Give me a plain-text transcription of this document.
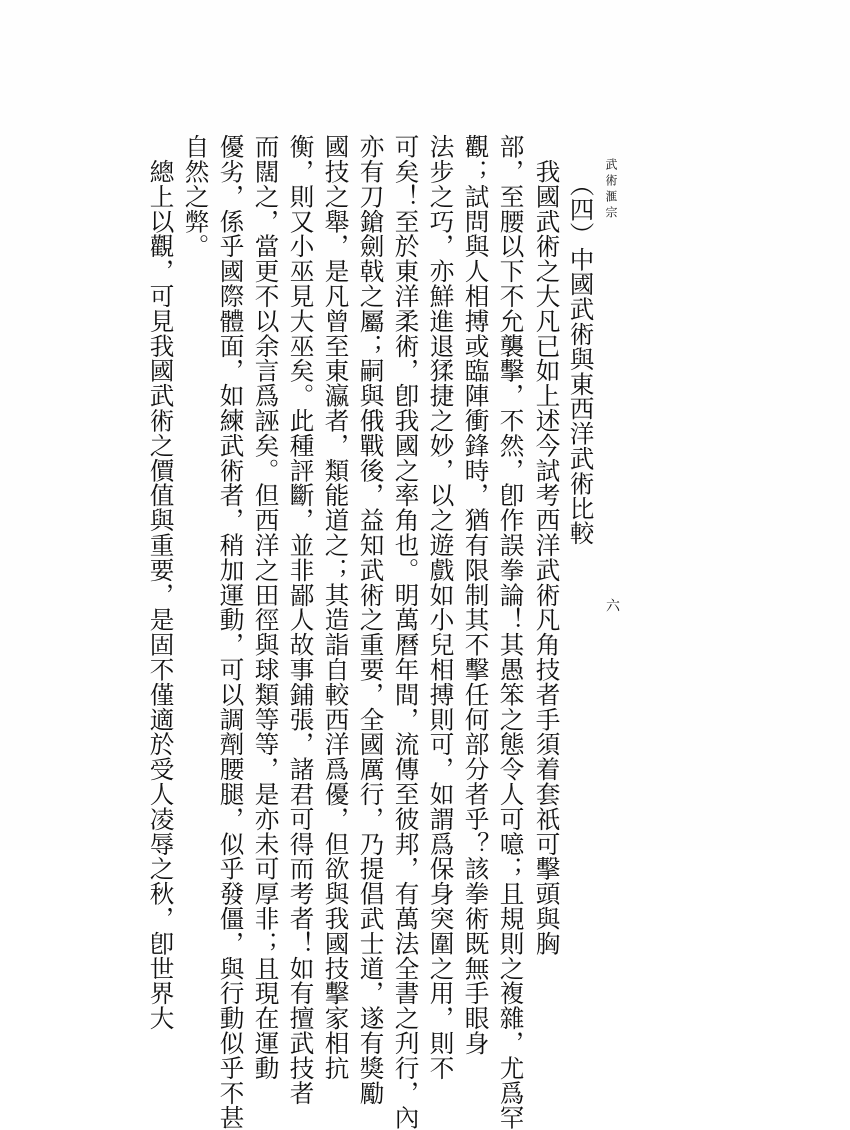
武術滙宗
六
（四）中國武術與東西洋武術比較
　我國武術之大凡已如上述今試考西洋武術凡角技者手須着套祇可擊頭與胸
部，至腰以下不允襲擊，不然，卽作誤拳論！其愚笨之態令人可噫；且規則之複雜，尤爲罕
觀；試問與人相搏或臨陣衝鋒時，猶有限制其不擊任何部分者乎？該拳術既無手眼身
法步之巧，亦鮮進退猱捷之妙，以之遊戲如小兒相搏則可，如謂爲保身突圍之用，則不
可矣！至於東洋柔術，卽我國之率角也。明萬曆年間，流傳至彼邦，有萬法全書之刋行，內
亦有刀鎗劍戟之屬；嗣與俄戰後，益知武術之重要，全國厲行，乃提倡武士道，遂有獎勵
國技之舉，是凡曾至東瀛者，類能道之；其造詣自較西洋爲優，但欲與我國技擊家相抗
衡，則又小巫見大巫矣。此種評斷，並非鄙人故事鋪張，諸君可得而考者！如有擅武技者
而闊之，當更不以余言爲誣矣。但西洋之田徑與球類等等，是亦未可厚非；且現在運動
優劣，係乎國際體面，如練武術者，稍加運動，可以調劑腰腿，似乎發僵，與行動似乎不甚
自然之弊。
　總上以觀，可見我國武術之價值與重要，是固不僅適於受人凌辱之秋，卽世界大
